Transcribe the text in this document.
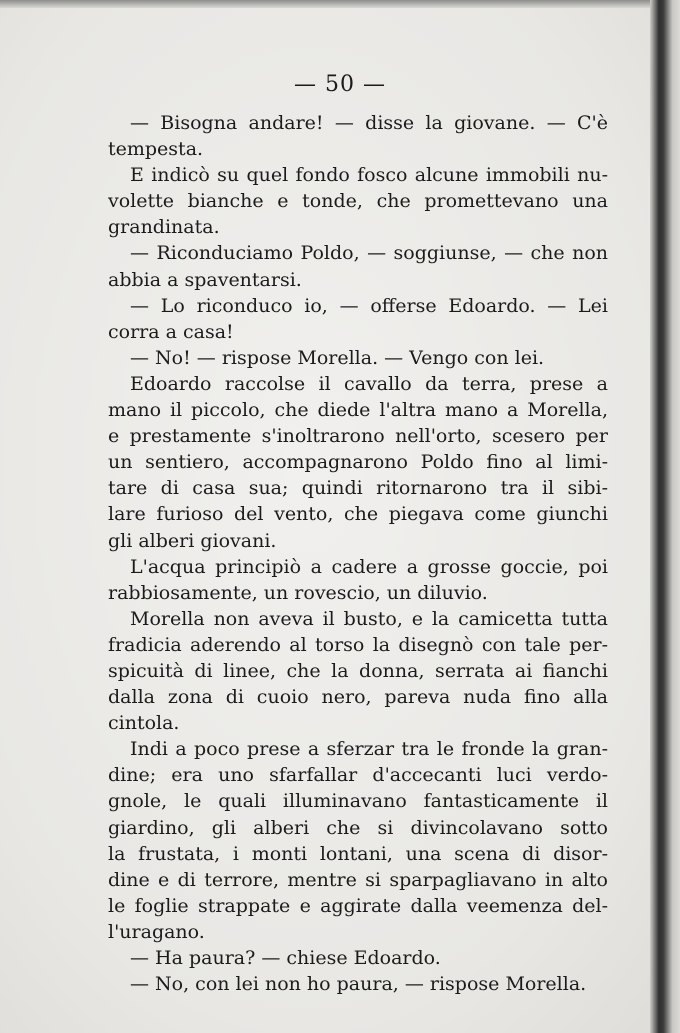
— 50 —
— Bisogna andare! — disse la giovane. — C'è
tempesta.
E indicò su quel fondo fosco alcune immobili nu-
volette bianche e tonde, che promettevano una
grandinata.
— Riconduciamo Poldo, — soggiunse, — che non
abbia a spaventarsi.
— Lo riconduco io, — offerse Edoardo. — Lei
corra a casa!
— No! — rispose Morella. — Vengo con lei.
Edoardo raccolse il cavallo da terra, prese a
mano il piccolo, che diede l'altra mano a Morella,
e prestamente s'inoltrarono nell'orto, scesero per
un sentiero, accompagnarono Poldo fino al limi-
tare di casa sua; quindi ritornarono tra il sibi-
lare furioso del vento, che piegava come giunchi
gli alberi giovani.
L'acqua principiò a cadere a grosse goccie, poi
rabbiosamente, un rovescio, un diluvio.
Morella non aveva il busto, e la camicetta tutta
fradicia aderendo al torso la disegnò con tale per-
spicuità di linee, che la donna, serrata ai fianchi
dalla zona di cuoio nero, pareva nuda fino alla
cintola.
Indi a poco prese a sferzar tra le fronde la gran-
dine; era uno sfarfallar d'accecanti luci verdo-
gnole, le quali illuminavano fantasticamente il
giardino, gli alberi che si divincolavano sotto
la frustata, i monti lontani, una scena di disor-
dine e di terrore, mentre si sparpagliavano in alto
le foglie strappate e aggirate dalla veemenza del-
l'uragano.
— Ha paura? — chiese Edoardo.
— No, con lei non ho paura, — rispose Morella.
